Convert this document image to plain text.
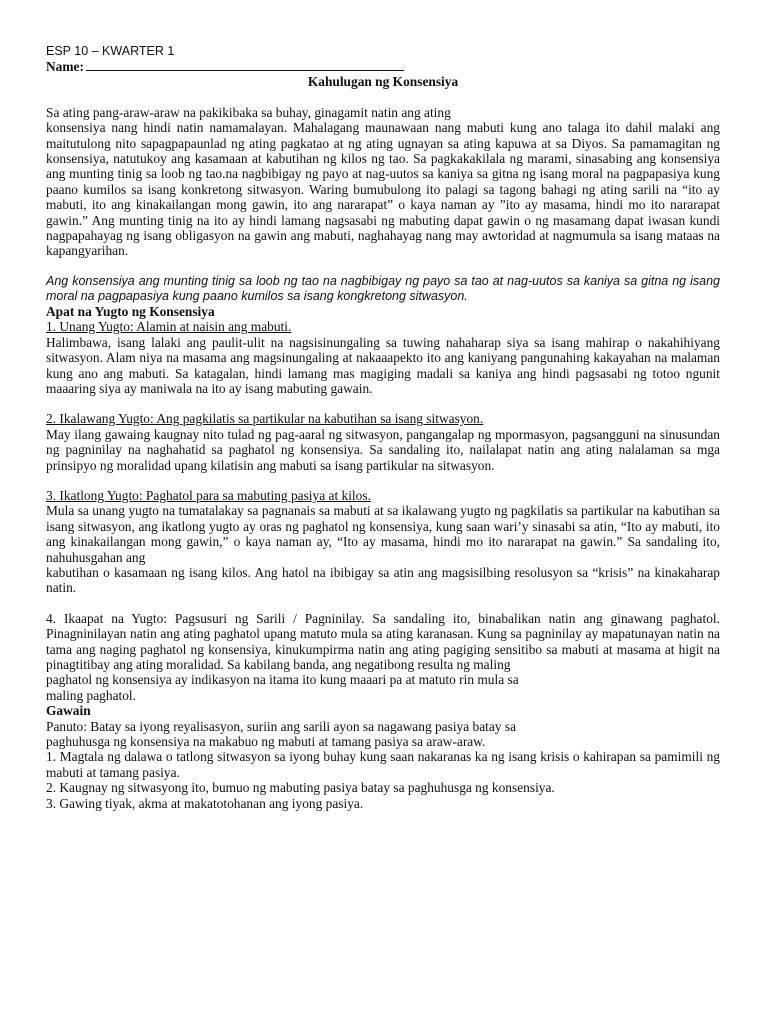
ESP 10 – KWARTER 1

Name:

Kahulugan ng Konsensiya

Sa ating pang-araw-araw na pakikibaka sa buhay, ginagamit natin ang ating

konsensiya nang hindi natin namamalayan. Mahalagang maunawaan nang mabuti kung ano talaga ito dahil malaki ang maitutulong nito sapagpapaunlad ng ating pagkatao at ng ating ugnayan sa ating kapuwa at sa Diyos. Sa pamamagitan ng konsensiya, natutukoy ang kasamaan at kabutihan ng kilos ng tao. Sa pagkakakilala ng marami, sinasabing ang konsensiya ang munting tinig sa loob ng tao.na nagbibigay ng payo at nag-uutos sa kaniya sa gitna ng isang moral na pagpapasiya kung paano kumilos sa isang konkretong sitwasyon. Waring bumubulong ito palagi sa tagong bahagi ng ating sarili na “ito ay mabuti, ito ang kinakailangan mong gawin, ito ang nararapat” o kaya naman ay ”ito ay masama, hindi mo ito nararapat gawin.” Ang munting tinig na ito ay hindi lamang nagsasabi ng mabuting dapat gawin o ng masamang dapat iwasan kundi nagpapahayag ng isang obligasyon na gawin ang mabuti, naghahayag nang may awtoridad at nagmumula sa isang mataas na kapangyarihan.

Ang konsensiya ang munting tinig sa loob ng tao na nagbibigay ng payo sa tao at nag-uutos sa kaniya sa gitna ng isang moral na pagpapasiya kung paano kumilos sa isang kongkretong sitwasyon.

Apat na Yugto ng Konsensiya

1. Unang Yugto: Alamin at naisin ang mabuti.

Halimbawa, isang lalaki ang paulit-ulit na nagsisinungaling sa tuwing nahaharap siya sa isang mahirap o nakahihiyang sitwasyon. Alam niya na masama ang magsinungaling at nakaaapekto ito ang kaniyang pangunahing kakayahan na malaman kung ano ang mabuti. Sa katagalan, hindi lamang mas magiging madali sa kaniya ang hindi pagsasabi ng totoo ngunit maaaring siya ay maniwala na ito ay isang mabuting gawain.

2. Ikalawang Yugto: Ang pagkilatis sa partikular na kabutihan sa isang sitwasyon.

May ilang gawaing kaugnay nito tulad ng pag-aaral ng sitwasyon, pangangalap ng mpormasyon, pagsangguni na sinusundan ng pagninilay na naghahatid sa paghatol ng konsensiya. Sa sandaling ito, nailalapat natin ang ating nalalaman sa mga prinsipyo ng moralidad upang kilatisin ang mabuti sa isang partikular na sitwasyon.

3. Ikatlong Yugto: Paghatol para sa mabuting pasiya at kilos.

Mula sa unang yugto na tumatalakay sa pagnanais sa mabuti at sa ikalawang yugto ng pagkilatis sa partikular na kabutihan sa isang sitwasyon, ang ikatlong yugto ay oras ng paghatol ng konsensiya, kung saan wari’y sinasabi sa atin, “Ito ay mabuti, ito ang kinakailangan mong gawin,” o kaya naman ay, “Ito ay masama, hindi mo ito nararapat na gawin.” Sa sandaling ito, nahuhusgahan ang

kabutihan o kasamaan ng isang kilos. Ang hatol na ibibigay sa atin ang magsisilbing resolusyon sa “krisis” na kinakaharap natin.

4. Ikaapat na Yugto: Pagsusuri ng Sarili / Pagninilay. Sa sandaling ito, binabalikan natin ang ginawang paghatol. Pinagninilayan natin ang ating paghatol upang matuto mula sa ating karanasan. Kung sa pagninilay ay mapatunayan natin na tama ang naging paghatol ng konsensiya, kinukumpirma natin ang ating pagiging sensitibo sa mabuti at masama at higit na pinagtitibay ang ating moralidad. Sa kabilang banda, ang negatibong resulta ng maling

paghatol ng konsensiya ay indikasyon na itama ito kung maaari pa at matuto rin mula sa

maling paghatol.

Gawain

Panuto: Batay sa iyong reyalisasyon, suriin ang sarili ayon sa nagawang pasiya batay sa

paghuhusga ng konsensiya na makabuo ng mabuti at tamang pasiya sa araw-araw.

1. Magtala ng dalawa o tatlong sitwasyon sa iyong buhay kung saan nakaranas ka ng isang krisis o kahirapan sa pamimili ng mabuti at tamang pasiya.

2. Kaugnay ng sitwasyong ito, bumuo ng mabuting pasiya batay sa paghuhusga ng konsensiya.

3. Gawing tiyak, akma at makatotohanan ang iyong pasiya.
